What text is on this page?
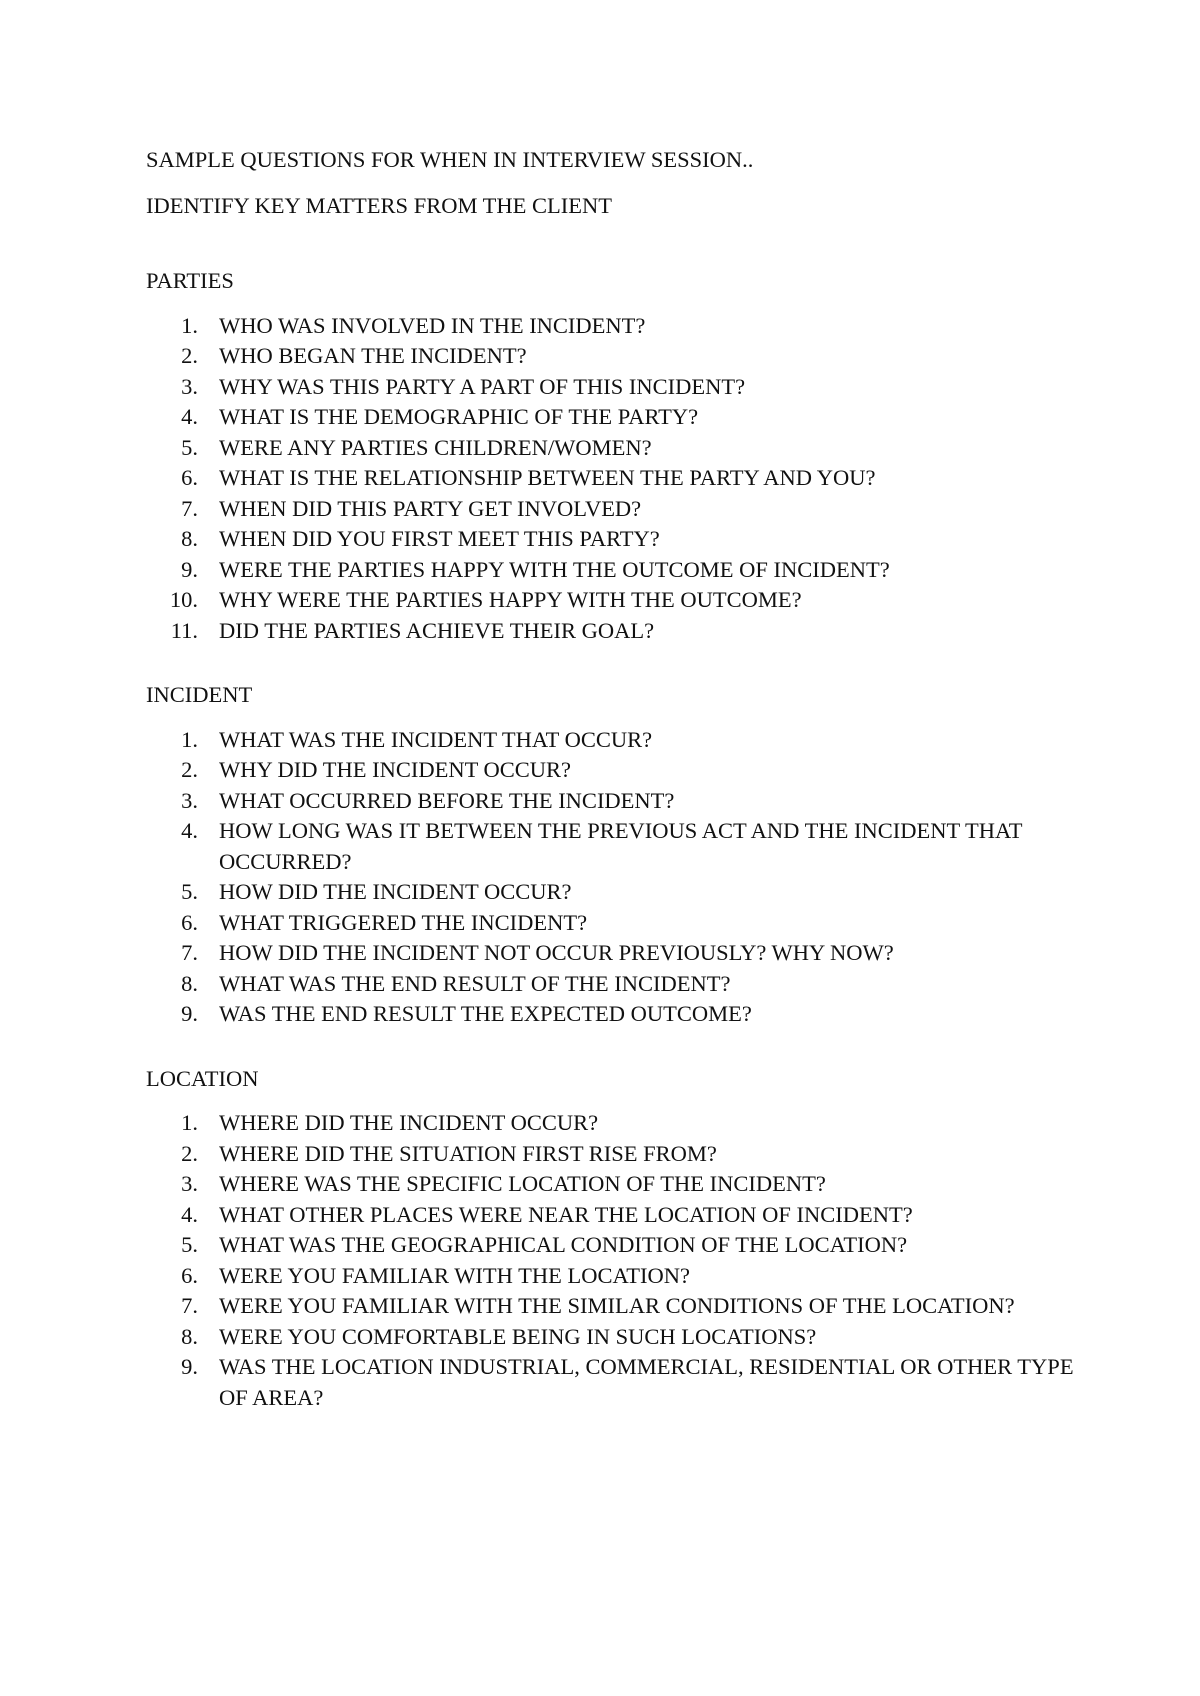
SAMPLE QUESTIONS FOR WHEN IN INTERVIEW SESSION..

IDENTIFY KEY MATTERS FROM THE CLIENT

PARTIES

1. WHO WAS INVOLVED IN THE INCIDENT?
2. WHO BEGAN THE INCIDENT?
3. WHY WAS THIS PARTY A PART OF THIS INCIDENT?
4. WHAT IS THE DEMOGRAPHIC OF THE PARTY?
5. WERE ANY PARTIES CHILDREN/WOMEN?
6. WHAT IS THE RELATIONSHIP BETWEEN THE PARTY AND YOU?
7. WHEN DID THIS PARTY GET INVOLVED?
8. WHEN DID YOU FIRST MEET THIS PARTY?
9. WERE THE PARTIES HAPPY WITH THE OUTCOME OF INCIDENT?
10. WHY WERE THE PARTIES HAPPY WITH THE OUTCOME?
11. DID THE PARTIES ACHIEVE THEIR GOAL?

INCIDENT

1. WHAT WAS THE INCIDENT THAT OCCUR?
2. WHY DID THE INCIDENT OCCUR?
3. WHAT OCCURRED BEFORE THE INCIDENT?
4. HOW LONG WAS IT BETWEEN THE PREVIOUS ACT AND THE INCIDENT THAT OCCURRED?
5. HOW DID THE INCIDENT OCCUR?
6. WHAT TRIGGERED THE INCIDENT?
7. HOW DID THE INCIDENT NOT OCCUR PREVIOUSLY? WHY NOW?
8. WHAT WAS THE END RESULT OF THE INCIDENT?
9. WAS THE END RESULT THE EXPECTED OUTCOME?

LOCATION

1. WHERE DID THE INCIDENT OCCUR?
2. WHERE DID THE SITUATION FIRST RISE FROM?
3. WHERE WAS THE SPECIFIC LOCATION OF THE INCIDENT?
4. WHAT OTHER PLACES WERE NEAR THE LOCATION OF INCIDENT?
5. WHAT WAS THE GEOGRAPHICAL CONDITION OF THE LOCATION?
6. WERE YOU FAMILIAR WITH THE LOCATION?
7. WERE YOU FAMILIAR WITH THE SIMILAR CONDITIONS OF THE LOCATION?
8. WERE YOU COMFORTABLE BEING IN SUCH LOCATIONS?
9. WAS THE LOCATION INDUSTRIAL, COMMERCIAL, RESIDENTIAL OR OTHER TYPE OF AREA?
